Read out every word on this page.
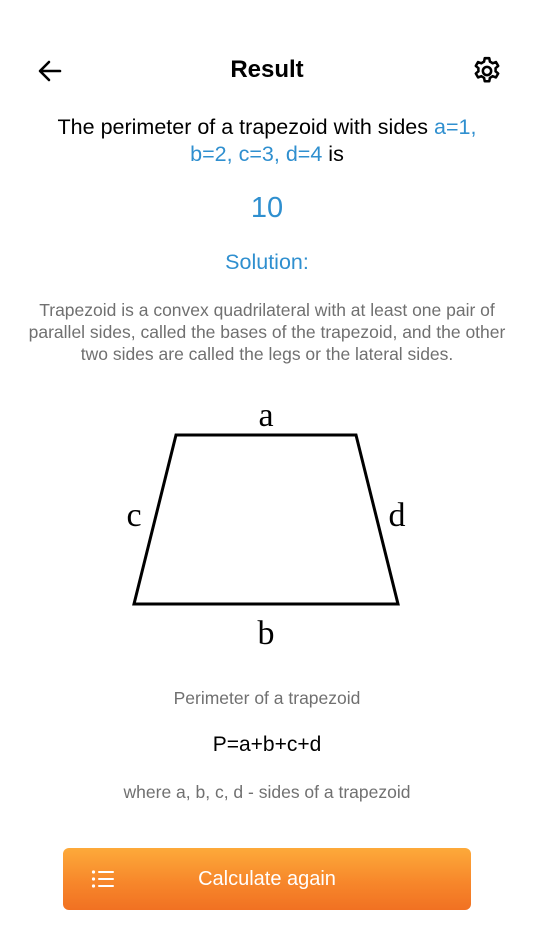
Result
The perimeter of a trapezoid with sides a=1,
b=2, c=3, d=4 is
10
Solution:
Trapezoid is a convex quadrilateral with at least one pair of parallel sides, called the bases of the trapezoid, and the other two sides are called the legs or the lateral sides.
a
b
c	d
Perimeter of a trapezoid
P=a+b+c+d
where a, b, c, d - sides of a trapezoid
Calculate again
